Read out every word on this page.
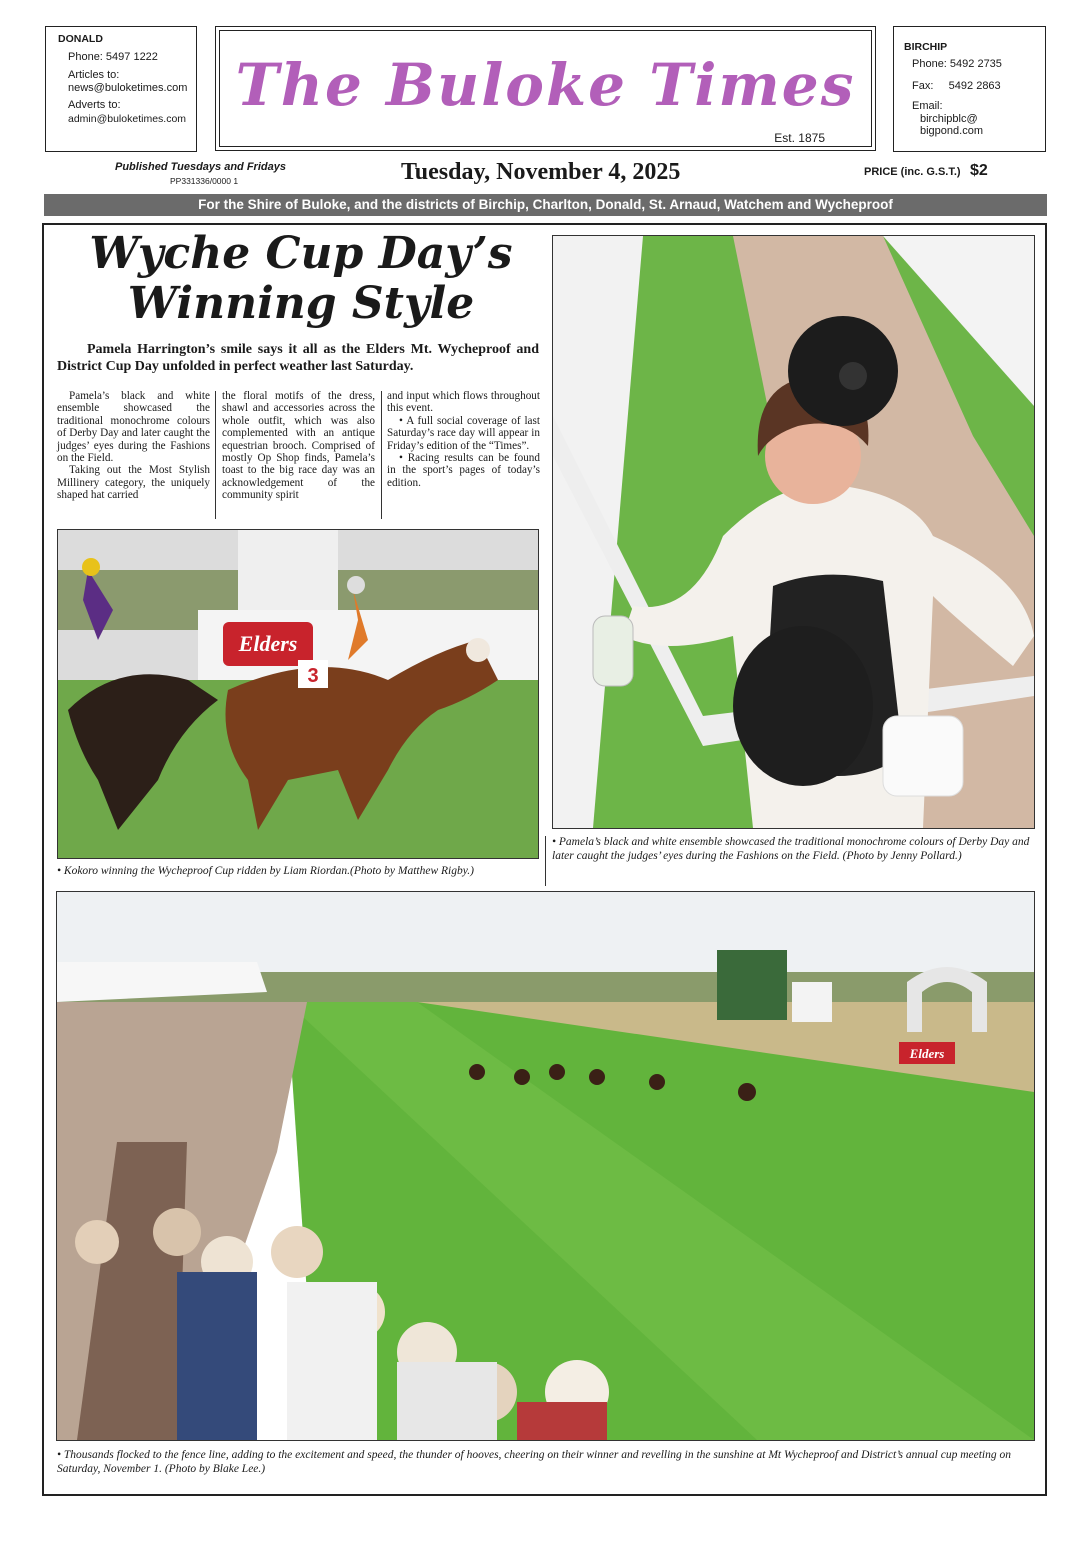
DONALD
Phone: 5497 1222
Articles to:
news@buloketimes.com
Adverts to:
admin@buloketimes.com The Buloke Times
Est. 1875
BIRCHIP
Phone: 5492 2735
Fax:     5492 2863
Email:
birchipblc@
bigpond.com
Published Tuesdays and Fridays
PP331336/0000 1	Tuesday, November 4, 2025	PRICE (inc. G.S.T.) $2
For the Shire of Buloke, and the districts of Birchip, Charlton, Donald, St. Arnaud, Watchem and Wycheproof
Wyche Cup Day’s
Winning Style
Pamela Harrington’s smile says it all as the Elders Mt. Wycheproof and District Cup Day unfolded in perfect weather last Saturday.

Pamela’s black and white ensemble showcased the traditional monochrome colours of Derby Day and later caught the judges’ eyes during the Fashions on the Field.

Taking out the Most Stylish Millinery category, the uniquely shaped hat carried

the floral motifs of the dress, shawl and accessories across the whole outfit, which was also complemented with an antique equestrian brooch. Comprised of mostly Op Shop finds, Pamela’s toast to the big race day was an acknowledgement of the community spirit

and input which flows throughout this event.

• A full social coverage of last Saturday’s race day will appear in Friday’s edition of the “Times”.

• Racing results can be found in the sport’s pages of today’s edition.

Elders
3
• Kokoro winning the Wycheproof Cup ridden by Liam Riordan.(Photo by Matthew Rigby.)
• Pamela’s black and white ensemble showcased the traditional monochrome colours of Derby Day and later caught the judges’ eyes during the Fashions on the Field. (Photo by Jenny Pollard.)
Elders
• Thousands flocked to the fence line, adding to the excitement and speed, the thunder of hooves, cheering on their winner and revelling in the sunshine at Mt Wycheproof and District’s annual cup meeting on Saturday, November 1. (Photo by Blake Lee.)
